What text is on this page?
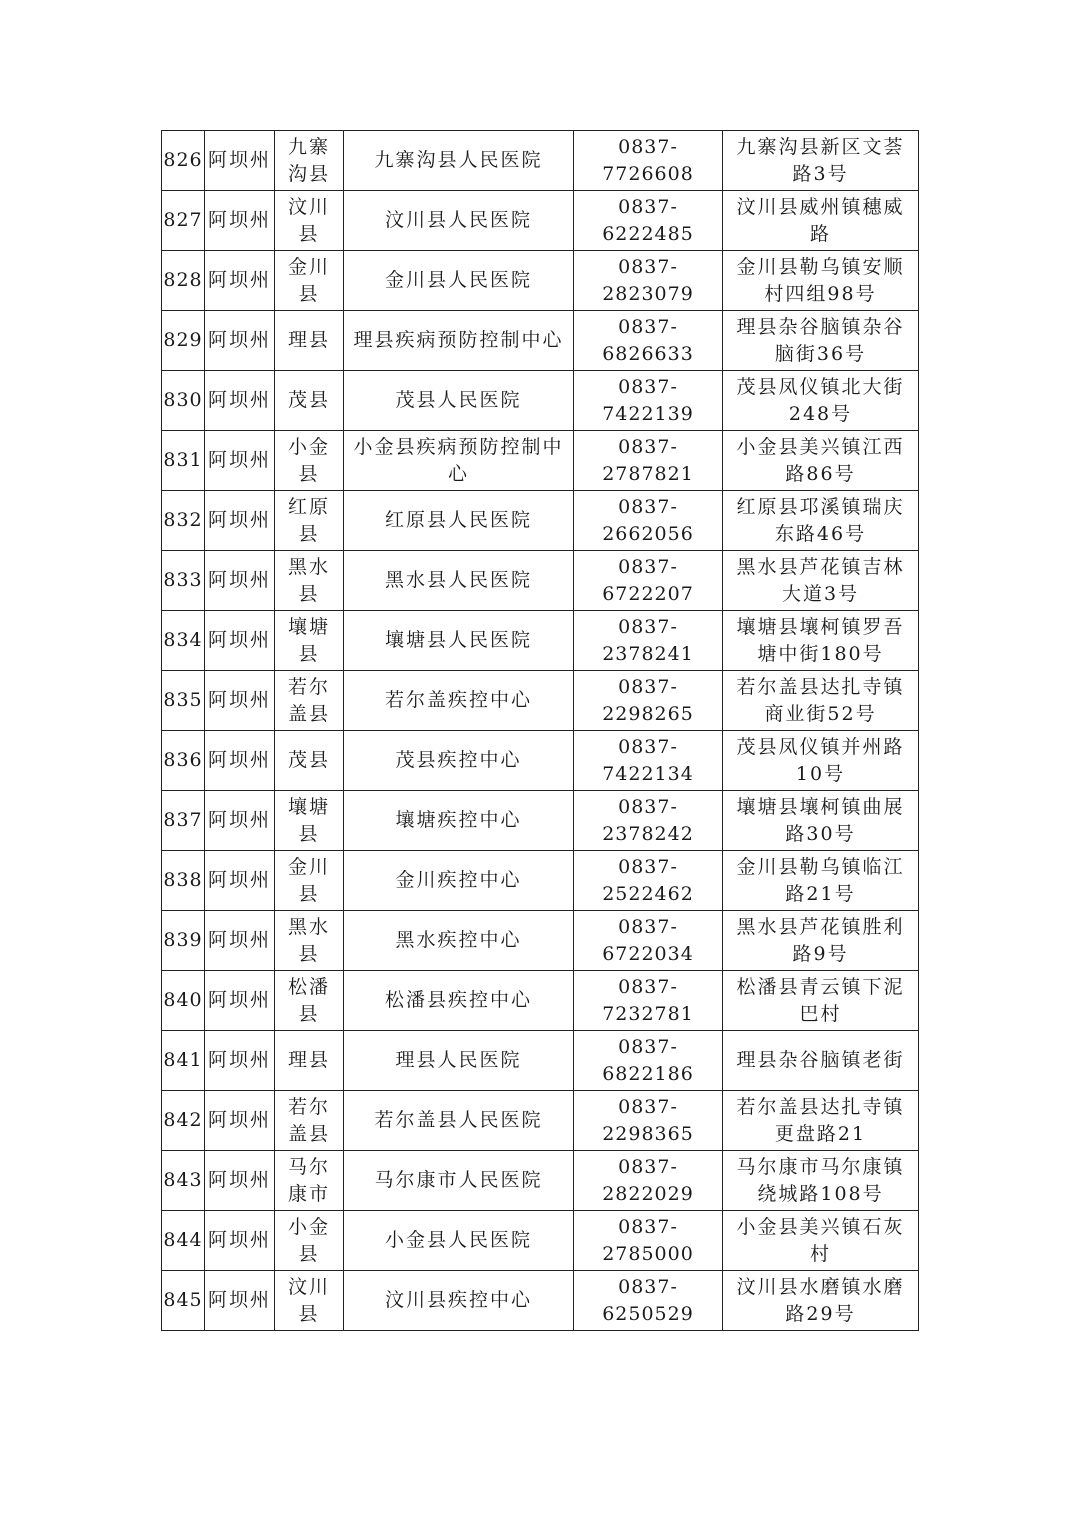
826	阿坝州	九寨沟县	九寨沟县人民医院	0837-7726608	九寨沟县新区文荟路3号
827	阿坝州	汶川县	汶川县人民医院	0837-6222485	汶川县威州镇穗威路
828	阿坝州	金川县	金川县人民医院	0837-2823079	金川县勒乌镇安顺村四组98号
829	阿坝州	理县	理县疾病预防控制中心	0837-6826633	理县杂谷脑镇杂谷脑街36号
830	阿坝州	茂县	茂县人民医院	0837-7422139	茂县凤仪镇北大街248号
831	阿坝州	小金县	小金县疾病预防控制中心	0837-2787821	小金县美兴镇江西路86号
832	阿坝州	红原县	红原县人民医院	0837-2662056	红原县邛溪镇瑞庆东路46号
833	阿坝州	黑水县	黑水县人民医院	0837-6722207	黑水县芦花镇吉林大道3号
834	阿坝州	壤塘县	壤塘县人民医院	0837-2378241	壤塘县壤柯镇罗吾塘中街180号
835	阿坝州	若尔盖县	若尔盖疾控中心	0837-2298265	若尔盖县达扎寺镇商业街52号
836	阿坝州	茂县	茂县疾控中心	0837-7422134	茂县凤仪镇并州路10号
837	阿坝州	壤塘县	壤塘疾控中心	0837-2378242	壤塘县壤柯镇曲展路30号
838	阿坝州	金川县	金川疾控中心	0837-2522462	金川县勒乌镇临江路21号
839	阿坝州	黑水县	黑水疾控中心	0837-6722034	黑水县芦花镇胜利路9号
840	阿坝州	松潘县	松潘县疾控中心	0837-7232781	松潘县青云镇下泥巴村
841	阿坝州	理县	理县人民医院	0837-6822186	理县杂谷脑镇老街
842	阿坝州	若尔盖县	若尔盖县人民医院	0837-2298365	若尔盖县达扎寺镇更盘路21
843	阿坝州	马尔康市	马尔康市人民医院	0837-2822029	马尔康市马尔康镇绕城路108号
844	阿坝州	小金县	小金县人民医院	0837-2785000	小金县美兴镇石灰村
845	阿坝州	汶川县	汶川县疾控中心	0837-6250529	汶川县水磨镇水磨路29号
